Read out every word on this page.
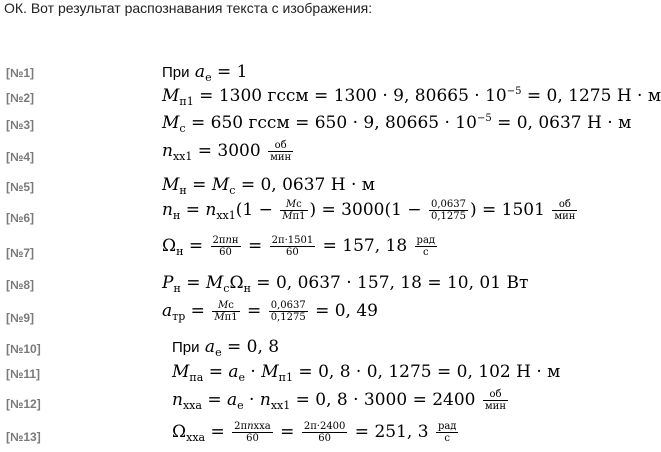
ОК. Вот результат распознавания текста с изображения:
[№1]	При $a_e = 1$
[№2]	$M_{п1} = 1300$ гссм = 1300 · 9, $80665 \cdot 10^{-5} = 0$, 1275 Н · м
[№3]	$M_с = 650$ гссм = 650 · 9, $80665 \cdot 10^{-5} = 0$, 0637 Н · м
[№4]	$n_{хх1} = 3000 \frac{об}{\text{мин}}$
[№5]	$M_н = M_с = 0$, 0637 Н · м
[№6]	$n_н = n_{хх1}(1 - \frac{Mс}{Mп1}$ ) = $3000(1 - \frac{0,0637}{0,1275}$ ) = $1501 \frac{об}{\text{мин}}$
[№7]	$\Omega_н = \frac{\text{2πnн}}{60} = \frac{2\pi\cdot 1501}{60} = 157$, $18 \frac{\text{рад}}{с}$
[№8]	$P_н = M_с\Omega_н = 0$, 0637 · 157, 18 = 10, 01 Вт
[№9]	$a_{тр} = \frac{Mс}{Mп1} = \frac{0,0637}{0,1275} = 0$, 49
[№10]	При $a_e = 0$, 8
[№11]	$M_{па} = a_e \cdot M_{п1} = 0$, 8 · 0, 1275 = 0, 102 Н · м
[№12]	$n_{хха} = a_e \cdot n_{хх1} = 0$, $8 \cdot 3000 = 2400 \frac{об}{\text{мин}}$
[№13]	$\Omega_{хха} = \frac{\text{2πnхха}}{60} = \frac{2\pi\cdot 2400}{60} = 251$, $3 \frac{\text{рад}}{с}$
